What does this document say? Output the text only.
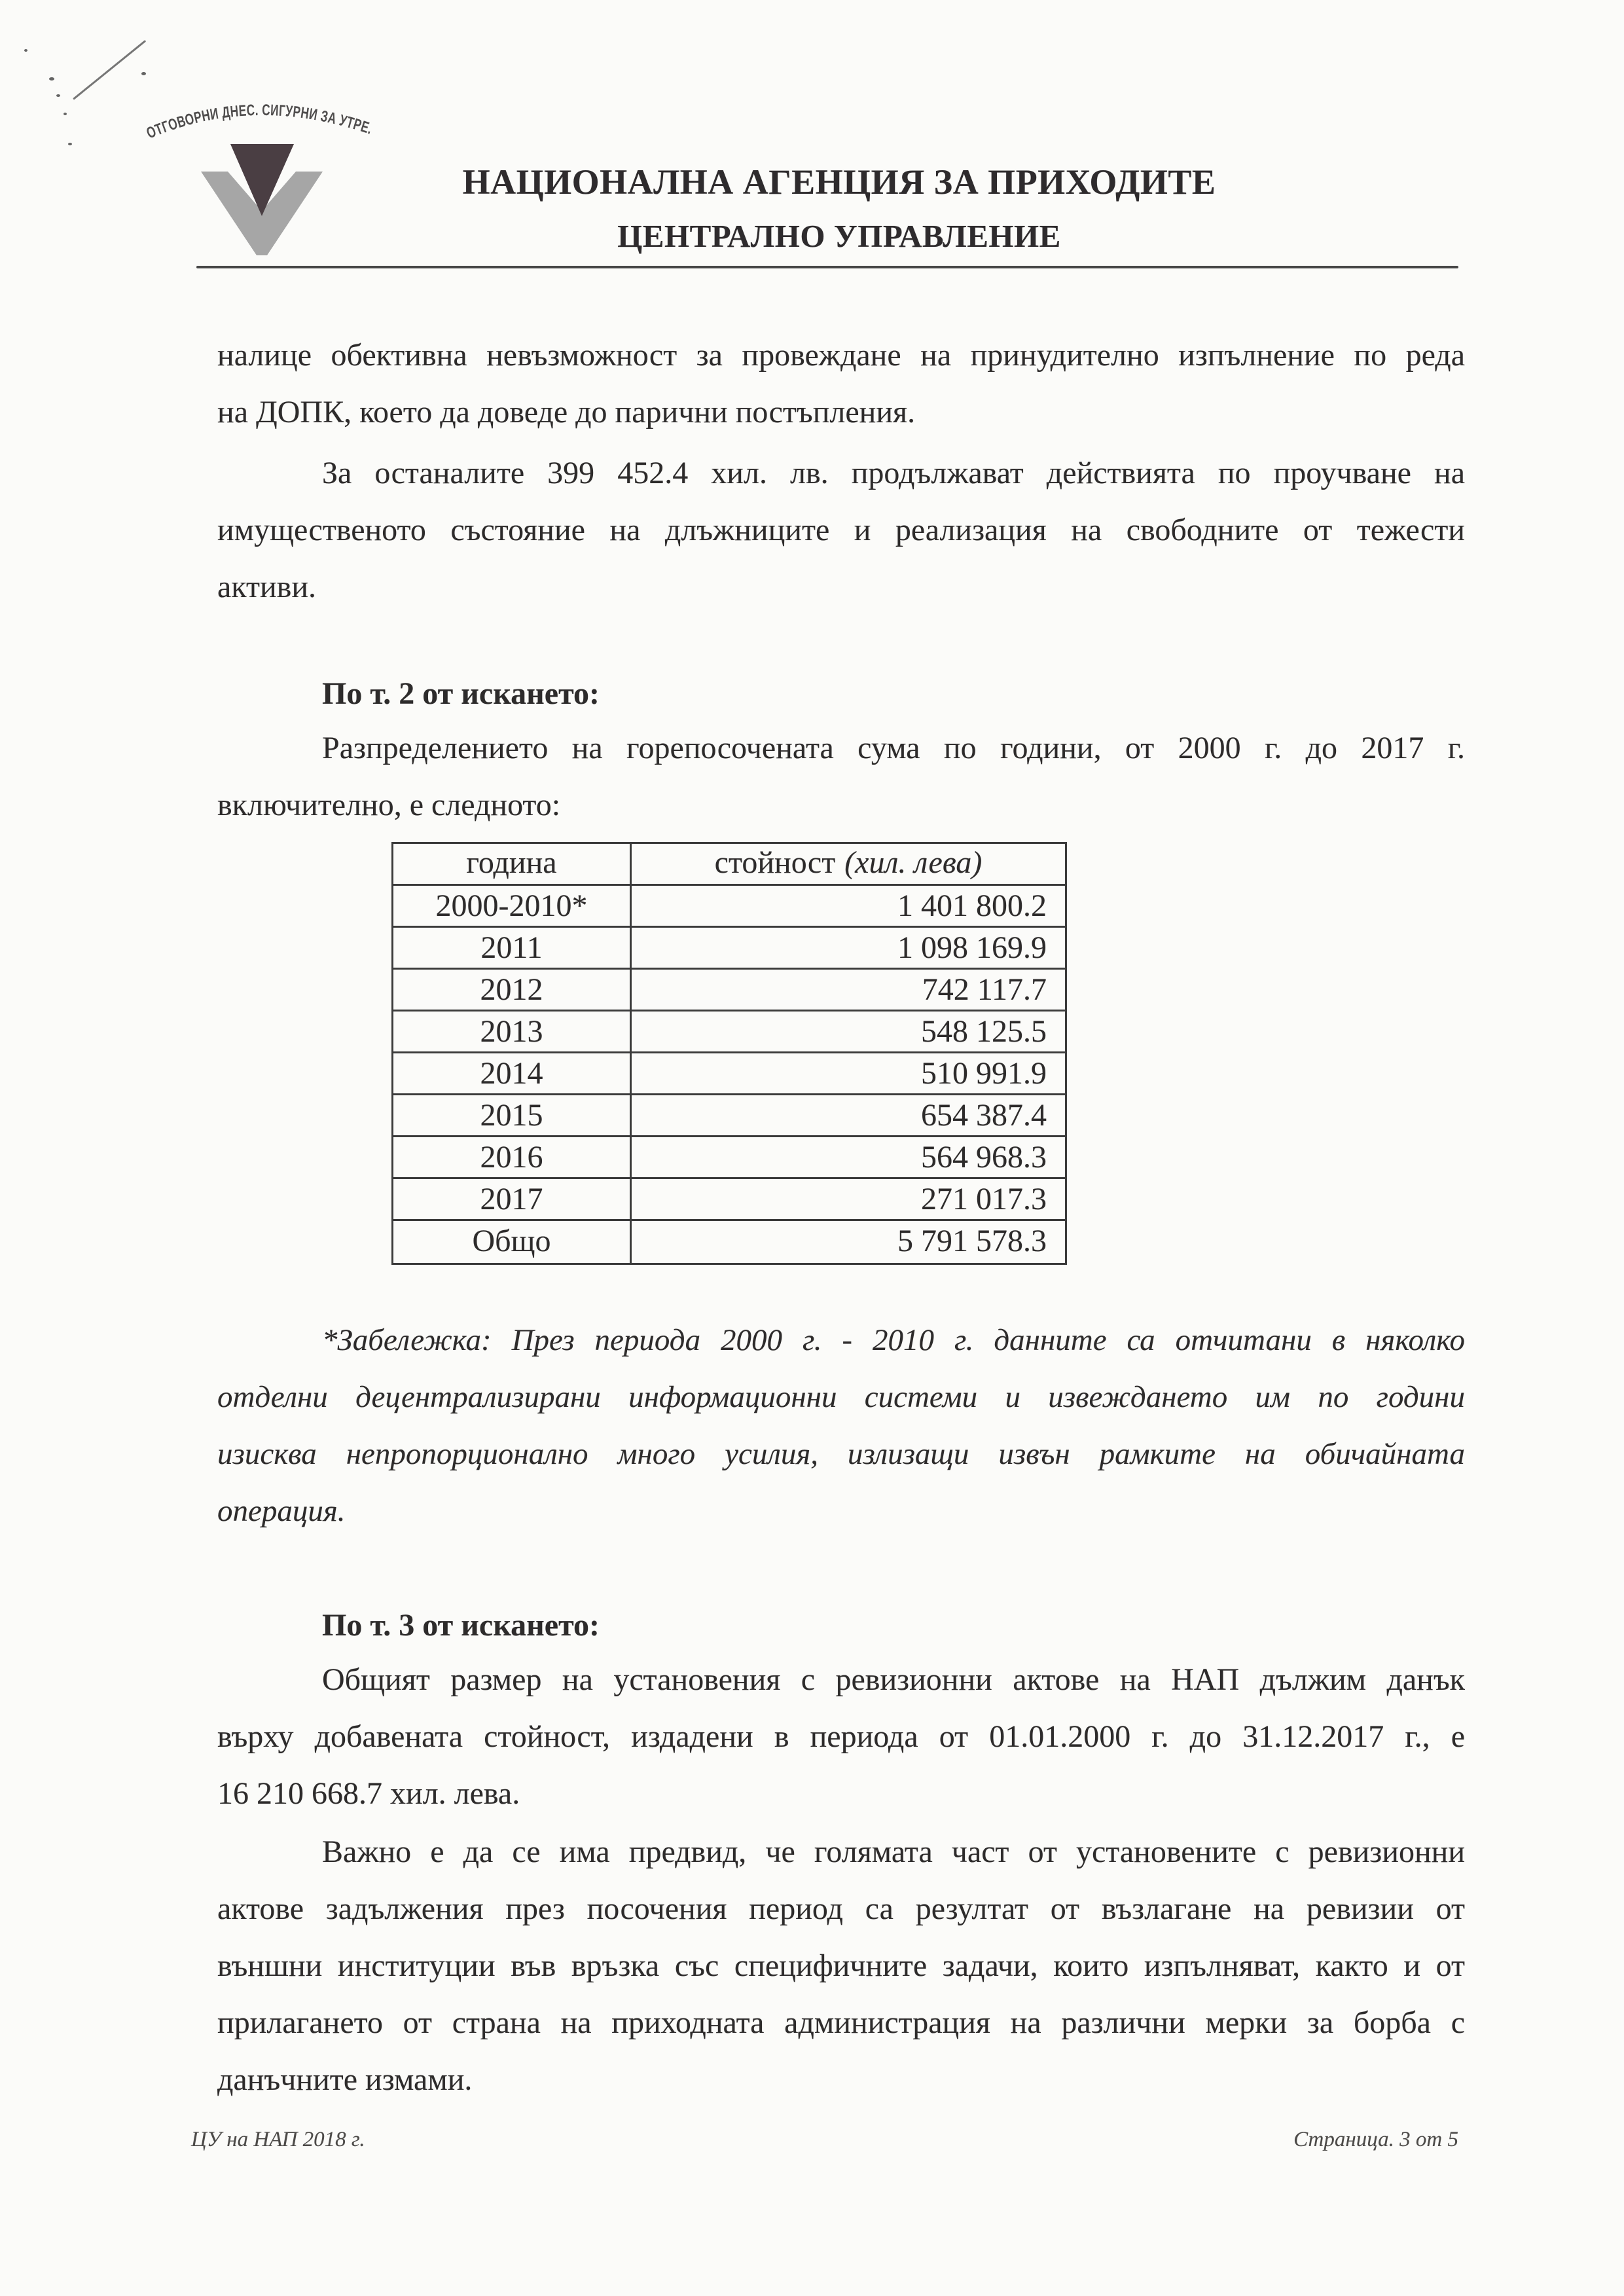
ОТГОВОРНИ ДНЕС. СИГУРНИ ЗА УТРЕ.
НАЦИОНАЛНА АГЕНЦИЯ ЗА ПРИХОДИТЕ
ЦЕНТРАЛНО УПРАВЛЕНИЕ
налице обективна невъзможност за провеждане на принудително изпълнение по реда
на ДОПК, което да доведе до парични постъпления.
За останалите 399 452.4 хил. лв. продължават действията по проучване на
имущественото състояние на длъжниците и реализация на свободните от тежести
активи.
По т. 2 от искането:
Разпределението на горепосочената сума по години, от 2000 г. до 2017 г.
включително, е следното:
година	стойност (хил. лева)
2000-2010*	1 401 800.2
2011	1 098 169.9
2012	742 117.7
2013	548 125.5
2014	510 991.9
2015	654 387.4
2016	564 968.3
2017	271 017.3
Общо	5 791 578.3
*Забележка: През периода 2000 г. - 2010 г. данните са отчитани в няколко
отделни децентрализирани информационни системи и извеждането им по години
изисква непропорционално много усилия, излизащи извън рамките на обичайната
операция.
По т. 3 от искането:
Общият размер на установения с ревизионни актове на НАП дължим данък
върху добавената стойност, издадени в периода от 01.01.2000 г. до 31.12.2017 г., е
16 210 668.7 хил. лева.
Важно е да се има предвид, че голямата част от установените с ревизионни
актове задължения през посочения период са резултат от възлагане на ревизии от
външни институции във връзка със специфичните задачи, които изпълняват, както и от
прилагането от страна на приходната администрация на различни мерки за борба с
данъчните измами.
ЦУ на НАП 2018 г.	Страница. 3 от 5
